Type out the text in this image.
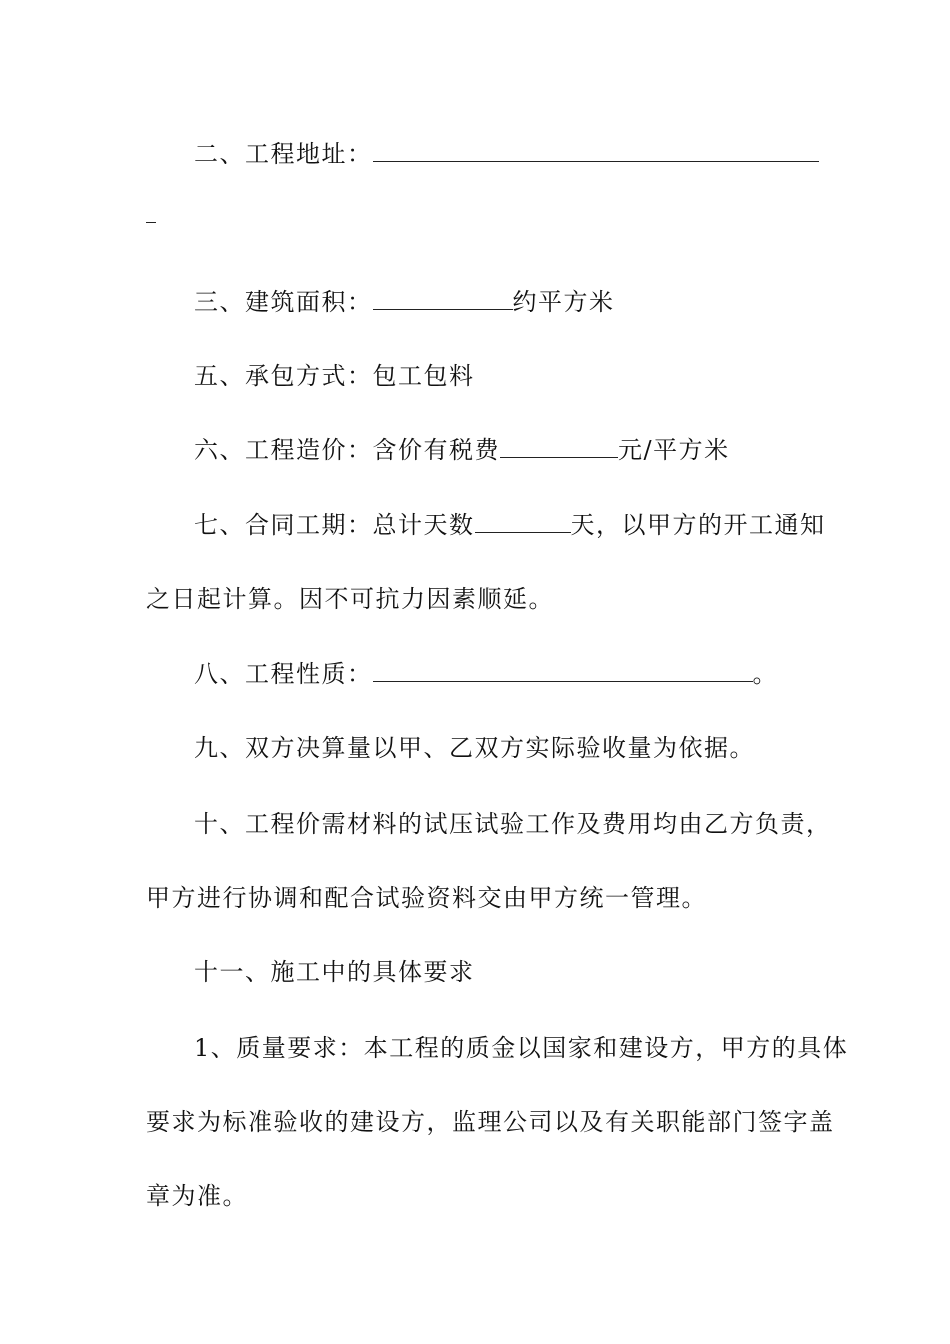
二、工程地址：
三、建筑面积：	约平方米
五、承包方式：包工包料
六、工程造价：含价有税费	元/平方米
七、合同工期：总计天数	天，以甲方的开工通知
之日起计算。因不可抗力因素顺延。
八、工程性质：	。
九、双方决算量以甲、乙双方实际验收量为依据。
十、工程价需材料的试压试验工作及费用均由乙方负责，
甲方进行协调和配合试验资料交由甲方统一管理。
十一、施工中的具体要求
1、质量要求：本工程的质金以国家和建设方，甲方的具体
要求为标准验收的建设方，监理公司以及有关职能部门签字盖
章为准。
